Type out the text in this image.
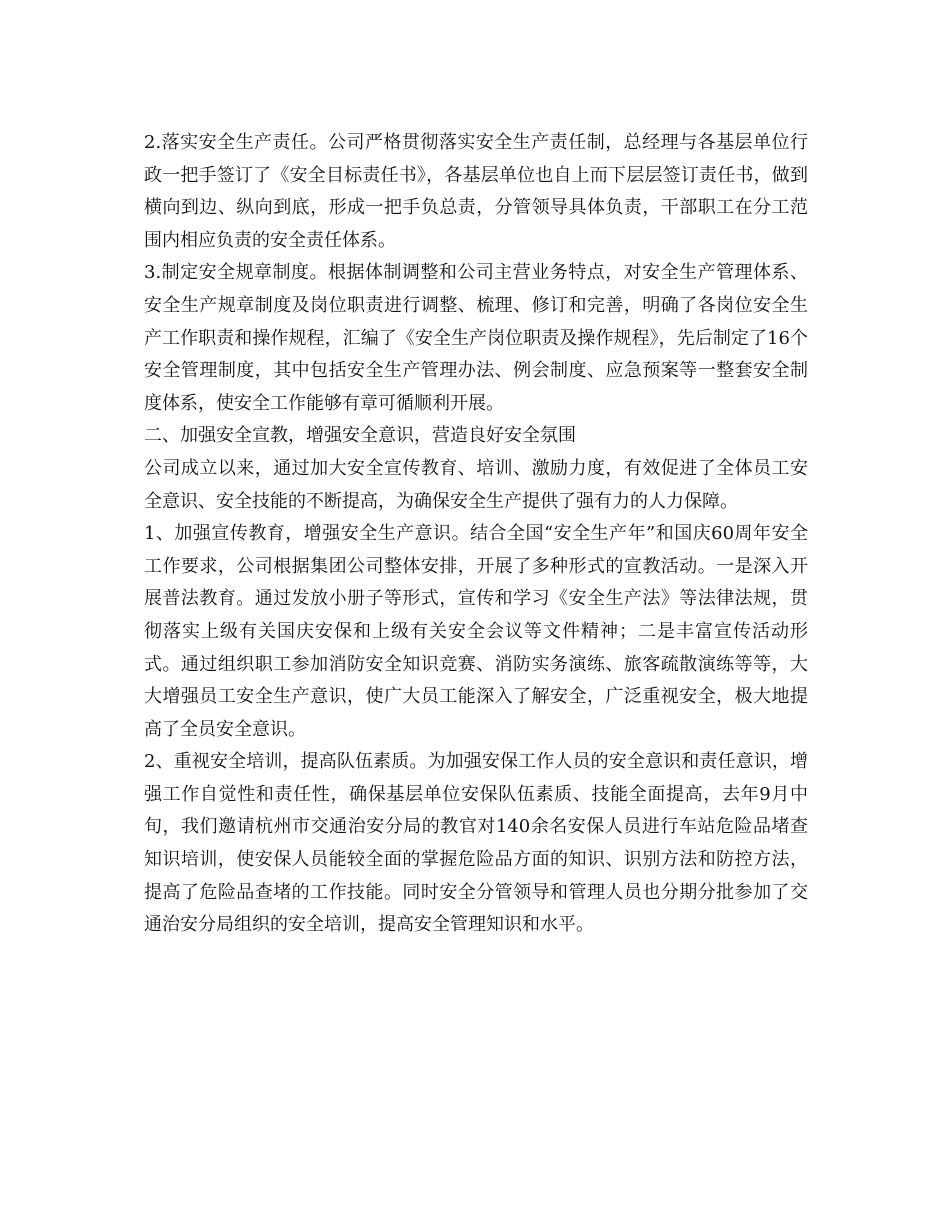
2.落实安全生产责任。公司严格贯彻落实安全生产责任制，总经理与各基层单位行政一把手签订了《安全目标责任书》，各基层单位也自上而下层层签订责任书，做到横向到边、纵向到底，形成一把手负总责，分管领导具体负责，干部职工在分工范围内相应负责的安全责任体系。

3.制定安全规章制度。根据体制调整和公司主营业务特点，对安全生产管理体系、安全生产规章制度及岗位职责进行调整、梳理、修订和完善，明确了各岗位安全生产工作职责和操作规程，汇编了《安全生产岗位职责及操作规程》，先后制定了16个安全管理制度，其中包括安全生产管理办法、例会制度、应急预案等一整套安全制度体系，使安全工作能够有章可循顺利开展。

二、加强安全宣教，增强安全意识，营造良好安全氛围

公司成立以来，通过加大安全宣传教育、培训、激励力度，有效促进了全体员工安全意识、安全技能的不断提高，为确保安全生产提供了强有力的人力保障。

1、加强宣传教育，增强安全生产意识。结合全国“安全生产年”和国庆60周年安全工作要求，公司根据集团公司整体安排，开展了多种形式的宣教活动。一是深入开展普法教育。通过发放小册子等形式，宣传和学习《安全生产法》等法律法规，贯彻落实上级有关国庆安保和上级有关安全会议等文件精神；二是丰富宣传活动形式。通过组织职工参加消防安全知识竞赛、消防实务演练、旅客疏散演练等等，大大增强员工安全生产意识，使广大员工能深入了解安全，广泛重视安全，极大地提高了全员安全意识。

2、重视安全培训，提高队伍素质。为加强安保工作人员的安全意识和责任意识，增强工作自觉性和责任性，确保基层单位安保队伍素质、技能全面提高，去年9月中旬，我们邀请杭州市交通治安分局的教官对140余名安保人员进行车站危险品堵查知识培训，使安保人员能较全面的掌握危险品方面的知识、识别方法和防控方法，提高了危险品查堵的工作技能。同时安全分管领导和管理人员也分期分批参加了交通治安分局组织的安全培训，提高安全管理知识和水平。
